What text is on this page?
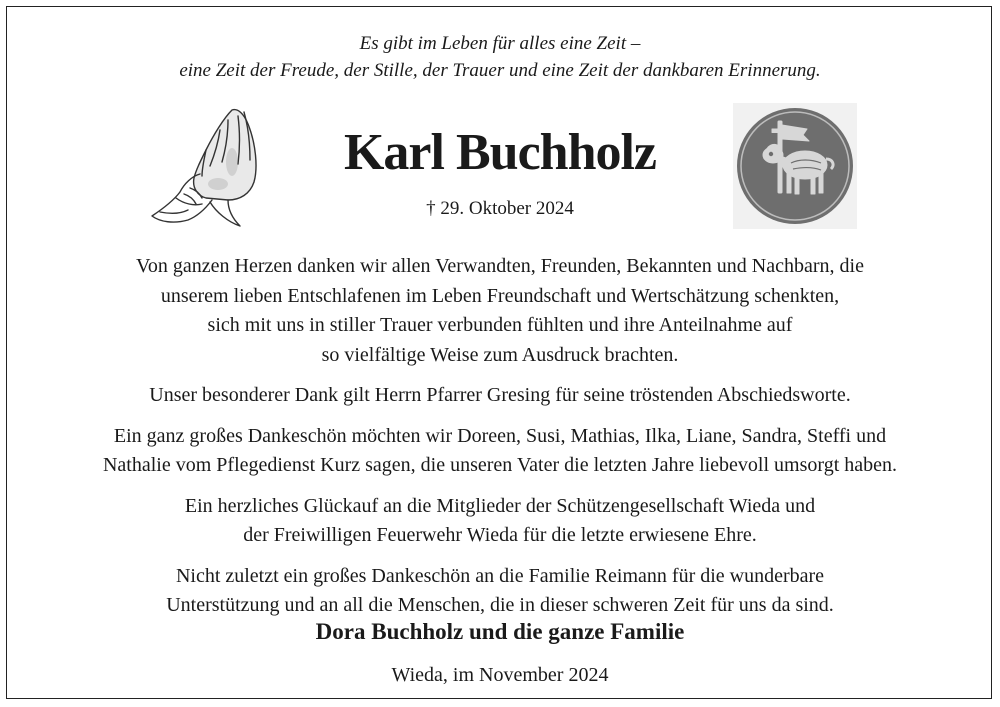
Es gibt im Leben für alles eine Zeit –
eine Zeit der Freude, der Stille, der Trauer und eine Zeit der dankbaren Erinnerung.
Karl Buchholz
† 29. Oktober 2024

Von ganzen Herzen danken wir allen Verwandten, Freunden, Bekannten und Nachbarn, die
unserem lieben Entschlafenen im Leben Freundschaft und Wertschätzung schenkten,
sich mit uns in stiller Trauer verbunden fühlten und ihre Anteilnahme auf
so vielfältige Weise zum Ausdruck brachten.

Unser besonderer Dank gilt Herrn Pfarrer Gresing für seine tröstenden Abschiedsworte.

Ein ganz großes Dankeschön möchten wir Doreen, Susi, Mathias, Ilka, Liane, Sandra, Steffi und
Nathalie vom Pflegedienst Kurz sagen, die unseren Vater die letzten Jahre liebevoll umsorgt haben.

Ein herzliches Glückauf an die Mitglieder der Schützengesellschaft Wieda und
der Freiwilligen Feuerwehr Wieda für die letzte erwiesene Ehre.

Nicht zuletzt ein großes Dankeschön an die Familie Reimann für die wunderbare
Unterstützung und an all die Menschen, die in dieser schweren Zeit für uns da sind.

Dora Buchholz und die ganze Familie
Wieda, im November 2024
